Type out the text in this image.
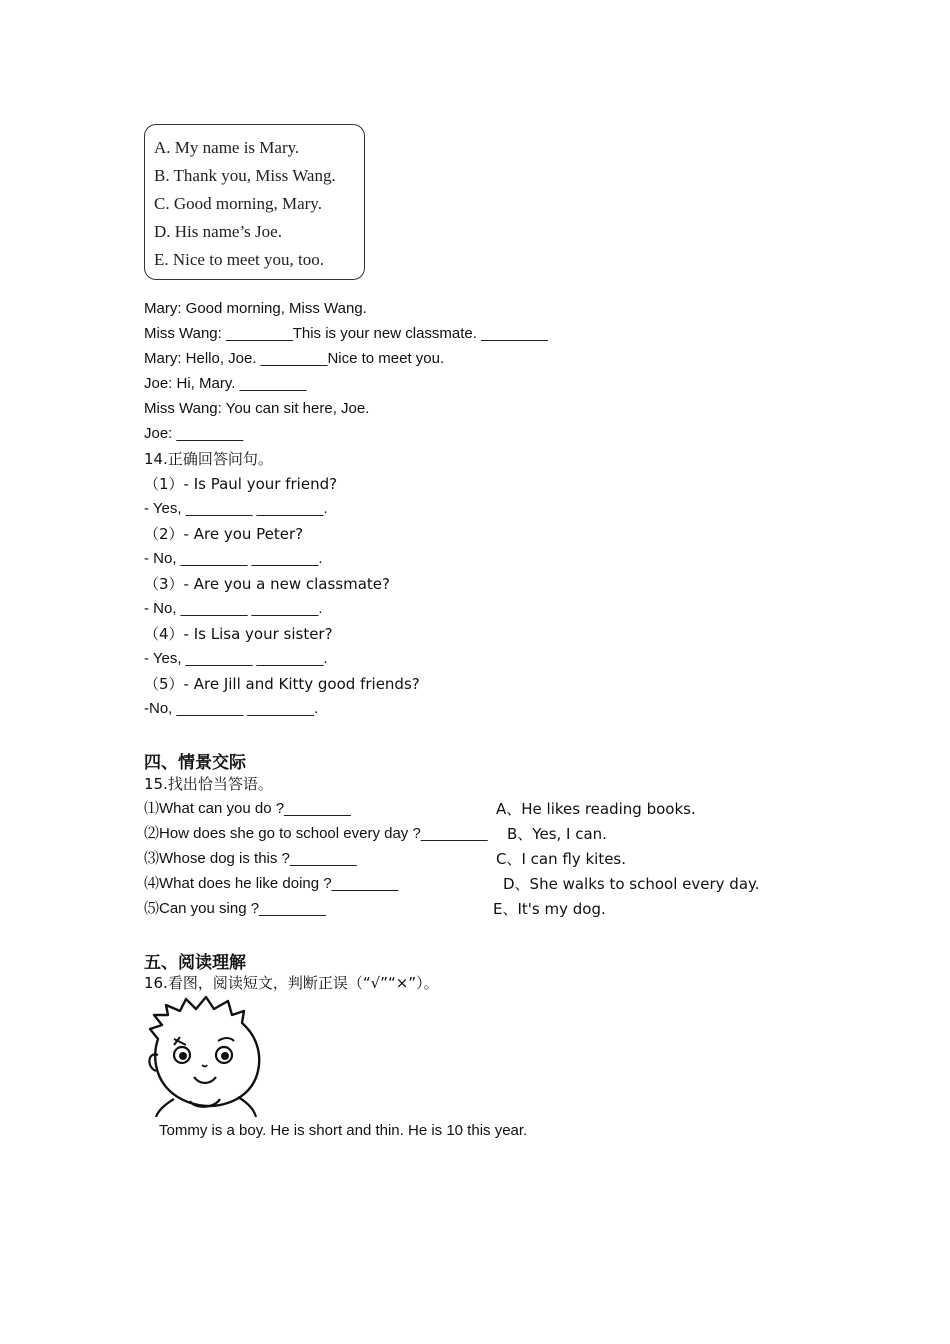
A. My name is Mary.

B. Thank you, Miss Wang.

C. Good morning, Mary.

D. His name’s Joe.

E. Nice to meet you, too.

Mary: Good morning, Miss Wang.

Miss Wang: ________This is your new classmate. ________

Mary: Hello, Joe. ________Nice to meet you.

Joe: Hi, Mary. ________

Miss Wang: You can sit here, Joe.

Joe: ________

14.正确回答问句。

（1）- Is Paul your friend?

- Yes, ________ ________.

（2）- Are you Peter?

- No, ________ ________.

（3）- Are you a new classmate?

- No, ________ ________.

（4）- Is Lisa your sister?

- Yes, ________ ________.

（5）- Are Jill and Kitty good friends?

-No, ________ ________.

四、情景交际

15.找出恰当答语。

⑴What can you do ?________

⑵How does she go to school every day ?________

⑶Whose dog is this ?________

⑷What does he like doing ?________

⑸Can you sing ?________

A、He likes reading books.

B、Yes, I can.

C、I can fly kites.

D、She walks to school every day.

E、It's my dog.

五、阅读理解

16.看图，阅读短文，判断正误（“√”“×”）。

Tommy is a boy. He is short and thin. He is 10 this year.
